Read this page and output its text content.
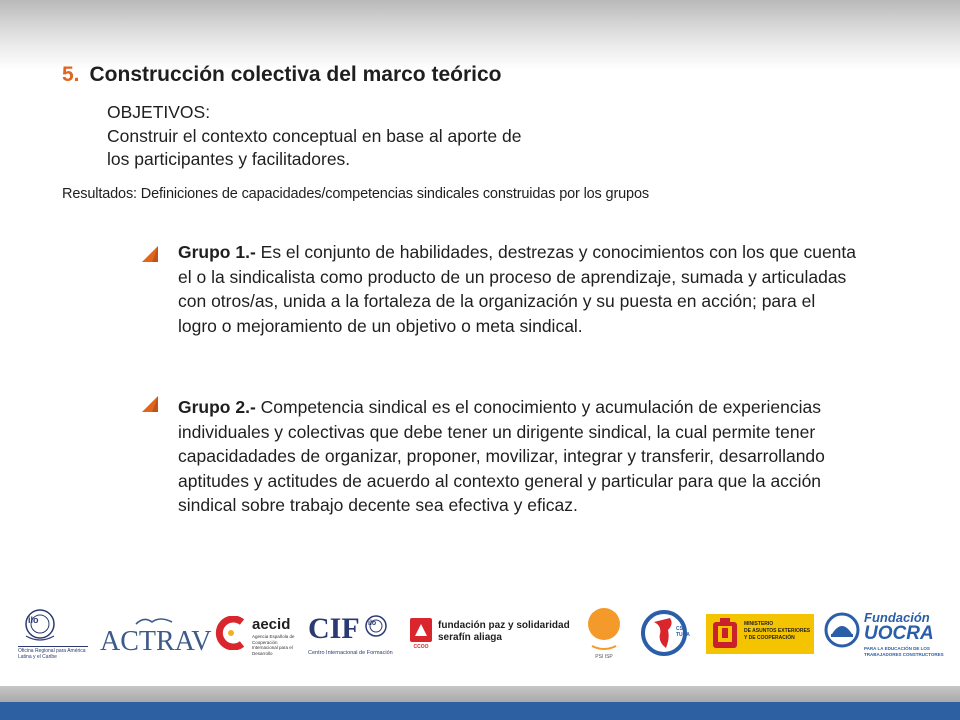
5. Construcción colectiva del marco teórico
OBJETIVOS:
Construir el contexto conceptual en base al aporte de
los participantes y facilitadores.
Resultados: Definiciones de capacidades/competencias sindicales construidas por los grupos
Grupo 1.- Es el conjunto de habilidades, destrezas y conocimientos con los que cuenta el o la sindicalista como producto de un proceso de aprendizaje, sumada y articuladas con otros/as, unida a la fortaleza de la organización y su puesta en acción; para el logro o mejoramiento de un objetivo o meta sindical.
Grupo 2.- Competencia sindical es el conocimiento y acumulación de experiencias individuales y colectivas que debe tener un dirigente sindical, la cual permite tener capacidadades de organizar, proponer, movilizar, integrar y transferir, desarrollando aptitudes y actitudes de acuerdo al contexto general y particular para que la acción sindical sobre trabajo decente sea efectiva y eficaz.
ilo
Oficina Regional para América Latina y el Caribe	ACTRAV
aecid
Agencia Española de Cooperación Internacional para el Desarrollo
CIF ilo
Centro Internacional de Formación
CCOO
fundación paz y solidaridad
serafín aliaga
PSI ISP
CSA TUCA
MINISTERIO
DE ASUNTOS EXTERIORES
Y DE COOPERACIÓN
Fundación
UOCRA
PARA LA EDUCACIÓN DE LOS TRABAJADORES CONSTRUCTORES
